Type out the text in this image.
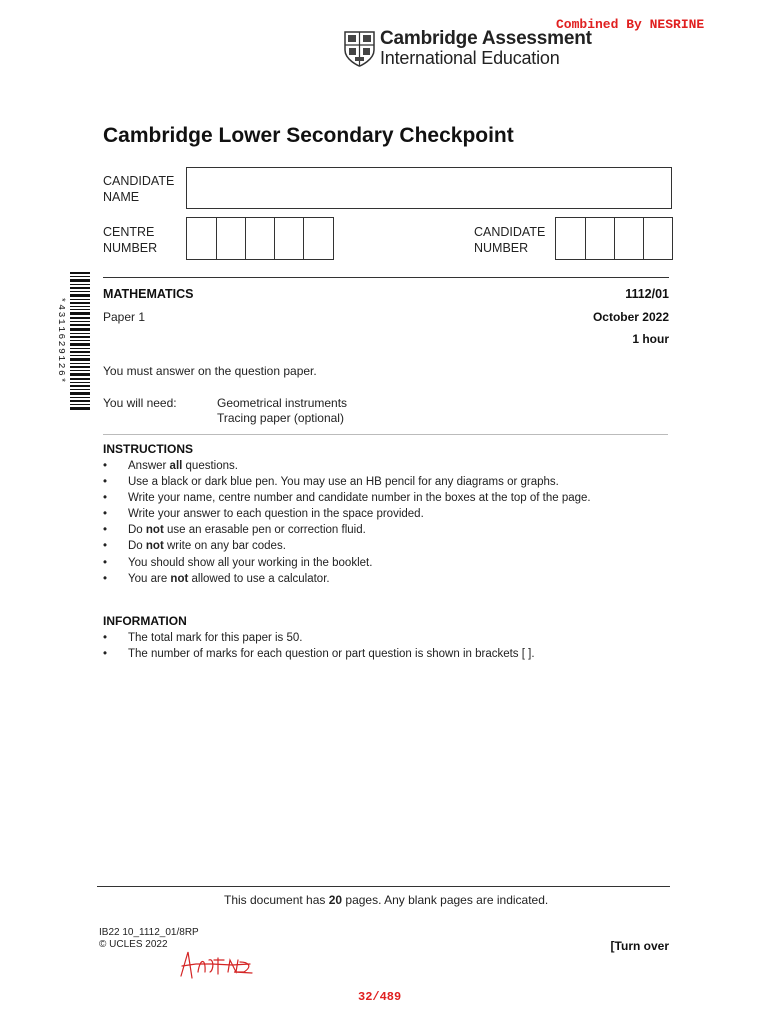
Combined By NESRINE
Cambridge Assessment
International Education
Cambridge Lower Secondary Checkpoint
CANDIDATE
NAME
CENTRE
NUMBER
CANDIDATE
NUMBER
*4311629126*
MATHEMATICS	1112/01
Paper 1	October 2022
1 hour
You must answer on the question paper.
You will need:	Geometrical instruments
Tracing paper (optional)
INSTRUCTIONS
• Answer all questions.
• Use a black or dark blue pen. You may use an HB pencil for any diagrams or graphs.
• Write your name, centre number and candidate number in the boxes at the top of the page.
• Write your answer to each question in the space provided.
• Do not use an erasable pen or correction fluid.
• Do not write on any bar codes.
• You should show all your working in the booklet.
• You are not allowed to use a calculator.
INFORMATION
• The total mark for this paper is 50.
• The number of marks for each question or part question is shown in brackets [ ].
This document has 20 pages. Any blank pages are indicated.
IB22 10_1112_01/8RP
© UCLES 2022	[Turn over
32/489
